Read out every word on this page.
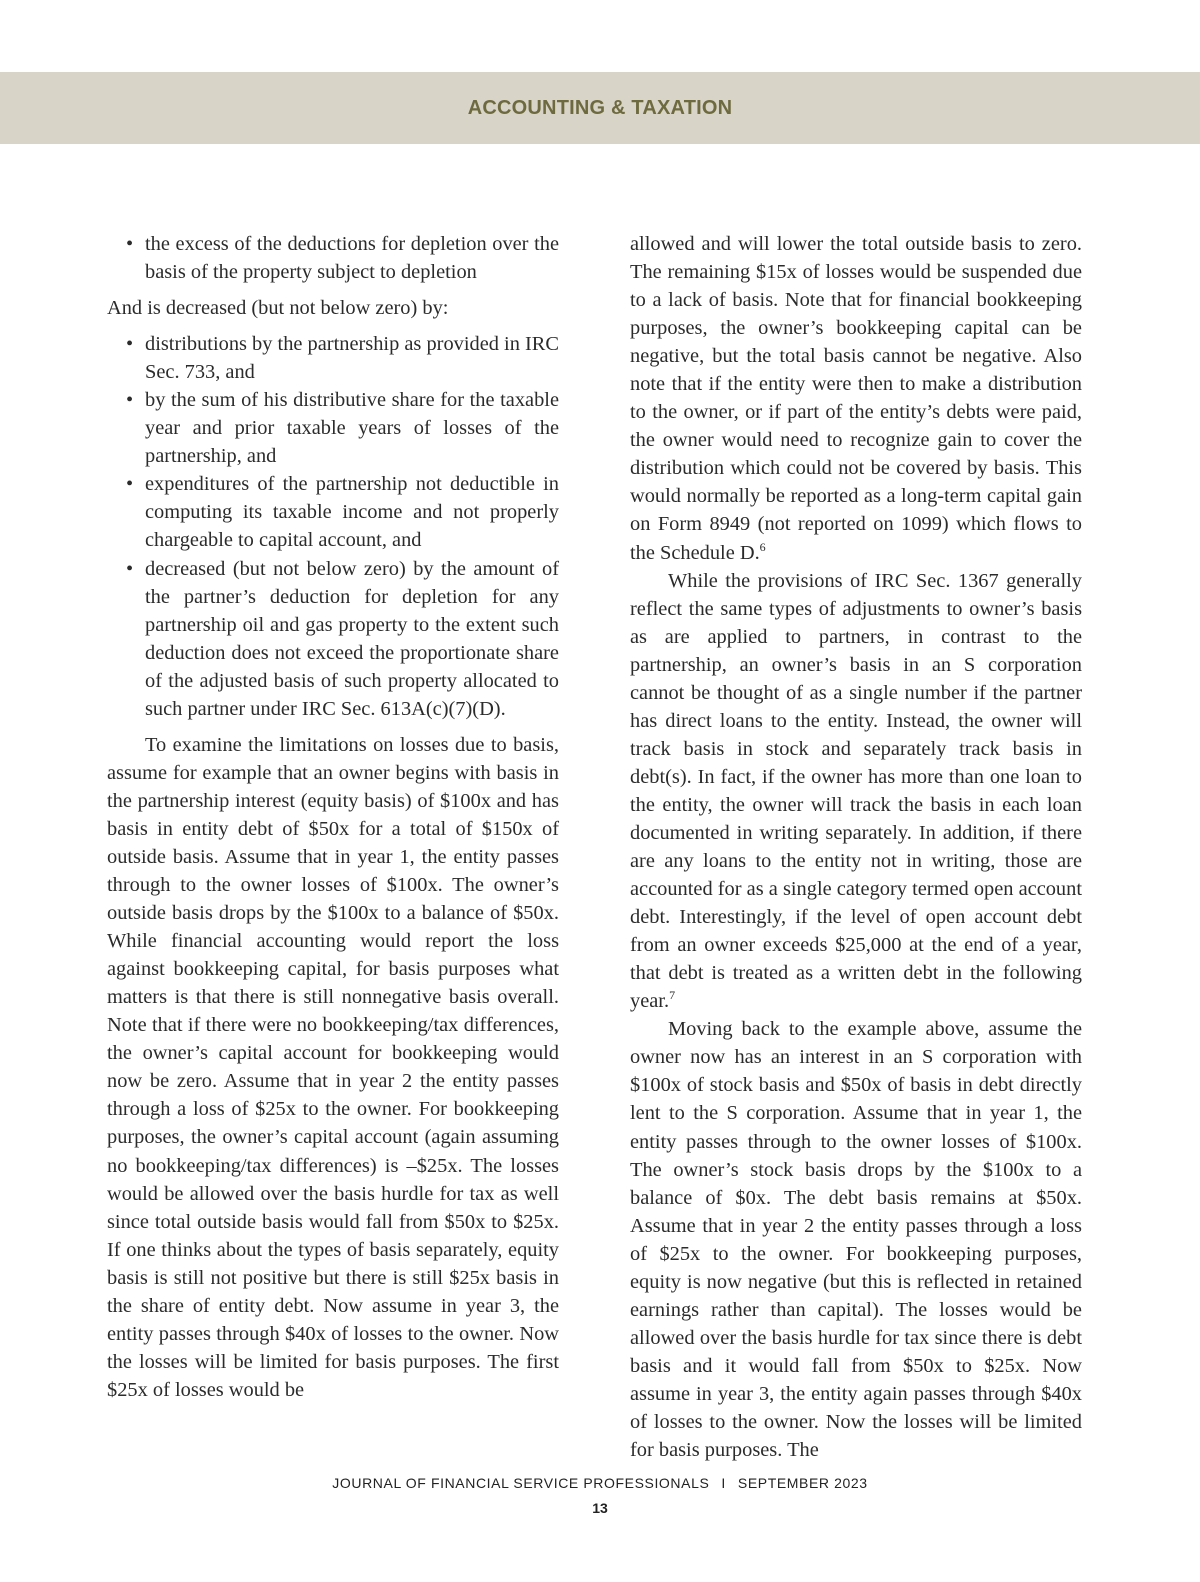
ACCOUNTING & TAXATION
• the excess of the deductions for depletion over the basis of the property subject to depletion

And is decreased (but not below zero) by:

• distributions by the partnership as provided in IRC Sec. 733, and
• by the sum of his distributive share for the taxable year and prior taxable years of losses of the partnership, and
• expenditures of the partnership not deductible in computing its taxable income and not properly chargeable to capital account, and
• decreased (but not below zero) by the amount of the partner’s deduction for depletion for any partnership oil and gas property to the extent such deduction does not exceed the proportionate share of the adjusted basis of such property allocated to such partner under IRC Sec. 613A(c)(7)(D).

To examine the limitations on losses due to basis, assume for example that an owner begins with basis in the partnership interest (equity basis) of $100x and has basis in entity debt of $50x for a total of $150x of outside basis. Assume that in year 1, the entity passes through to the owner losses of $100x. The owner’s outside basis drops by the $100x to a balance of $50x. While financial accounting would report the loss against bookkeeping capital, for basis purposes what matters is that there is still nonnegative basis overall. Note that if there were no bookkeeping/tax differences, the owner’s capital account for bookkeeping would now be zero. Assume that in year 2 the entity passes through a loss of $25x to the owner. For bookkeeping purposes, the owner’s capital account (again assuming no bookkeeping/tax differences) is –$25x. The losses would be allowed over the basis hurdle for tax as well since total outside basis would fall from $50x to $25x. If one thinks about the types of basis separately, equity basis is still not positive but there is still $25x basis in the share of entity debt. Now assume in year 3, the entity passes through $40x of losses to the owner. Now the losses will be limited for basis purposes. The first $25x of losses would be

allowed and will lower the total outside basis to zero. The remaining $15x of losses would be suspended due to a lack of basis. Note that for financial bookkeeping purposes, the owner’s bookkeeping capital can be negative, but the total basis cannot be negative. Also note that if the entity were then to make a distribution to the owner, or if part of the entity’s debts were paid, the owner would need to recognize gain to cover the distribution which could not be covered by basis. This would normally be reported as a long-term capital gain on Form 8949 (not reported on 1099) which flows to the Schedule D.$^6$

While the provisions of IRC Sec. 1367 generally reflect the same types of adjustments to owner’s basis as are applied to partners, in contrast to the partnership, an owner’s basis in an S corporation cannot be thought of as a single number if the partner has direct loans to the entity. Instead, the owner will track basis in stock and separately track basis in debt(s). In fact, if the owner has more than one loan to the entity, the owner will track the basis in each loan documented in writing separately. In addition, if there are any loans to the entity not in writing, those are accounted for as a single category termed open account debt. Interestingly, if the level of open account debt from an owner exceeds $25,000 at the end of a year, that debt is treated as a written debt in the following year.$^7$

Moving back to the example above, assume the owner now has an interest in an S corporation with $100x of stock basis and $50x of basis in debt directly lent to the S corporation. Assume that in year 1, the entity passes through to the owner losses of $100x. The owner’s stock basis drops by the $100x to a balance of $0x. The debt basis remains at $50x. Assume that in year 2 the entity passes through a loss of $25x to the owner. For bookkeeping purposes, equity is now negative (but this is reflected in retained earnings rather than capital). The losses would be allowed over the basis hurdle for tax since there is debt basis and it would fall from $50x to $25x. Now assume in year 3, the entity again passes through $40x of losses to the owner. Now the losses will be limited for basis purposes. The

JOURNAL OF FINANCIAL SERVICE PROFESSIONALS I SEPTEMBER 2023
13
